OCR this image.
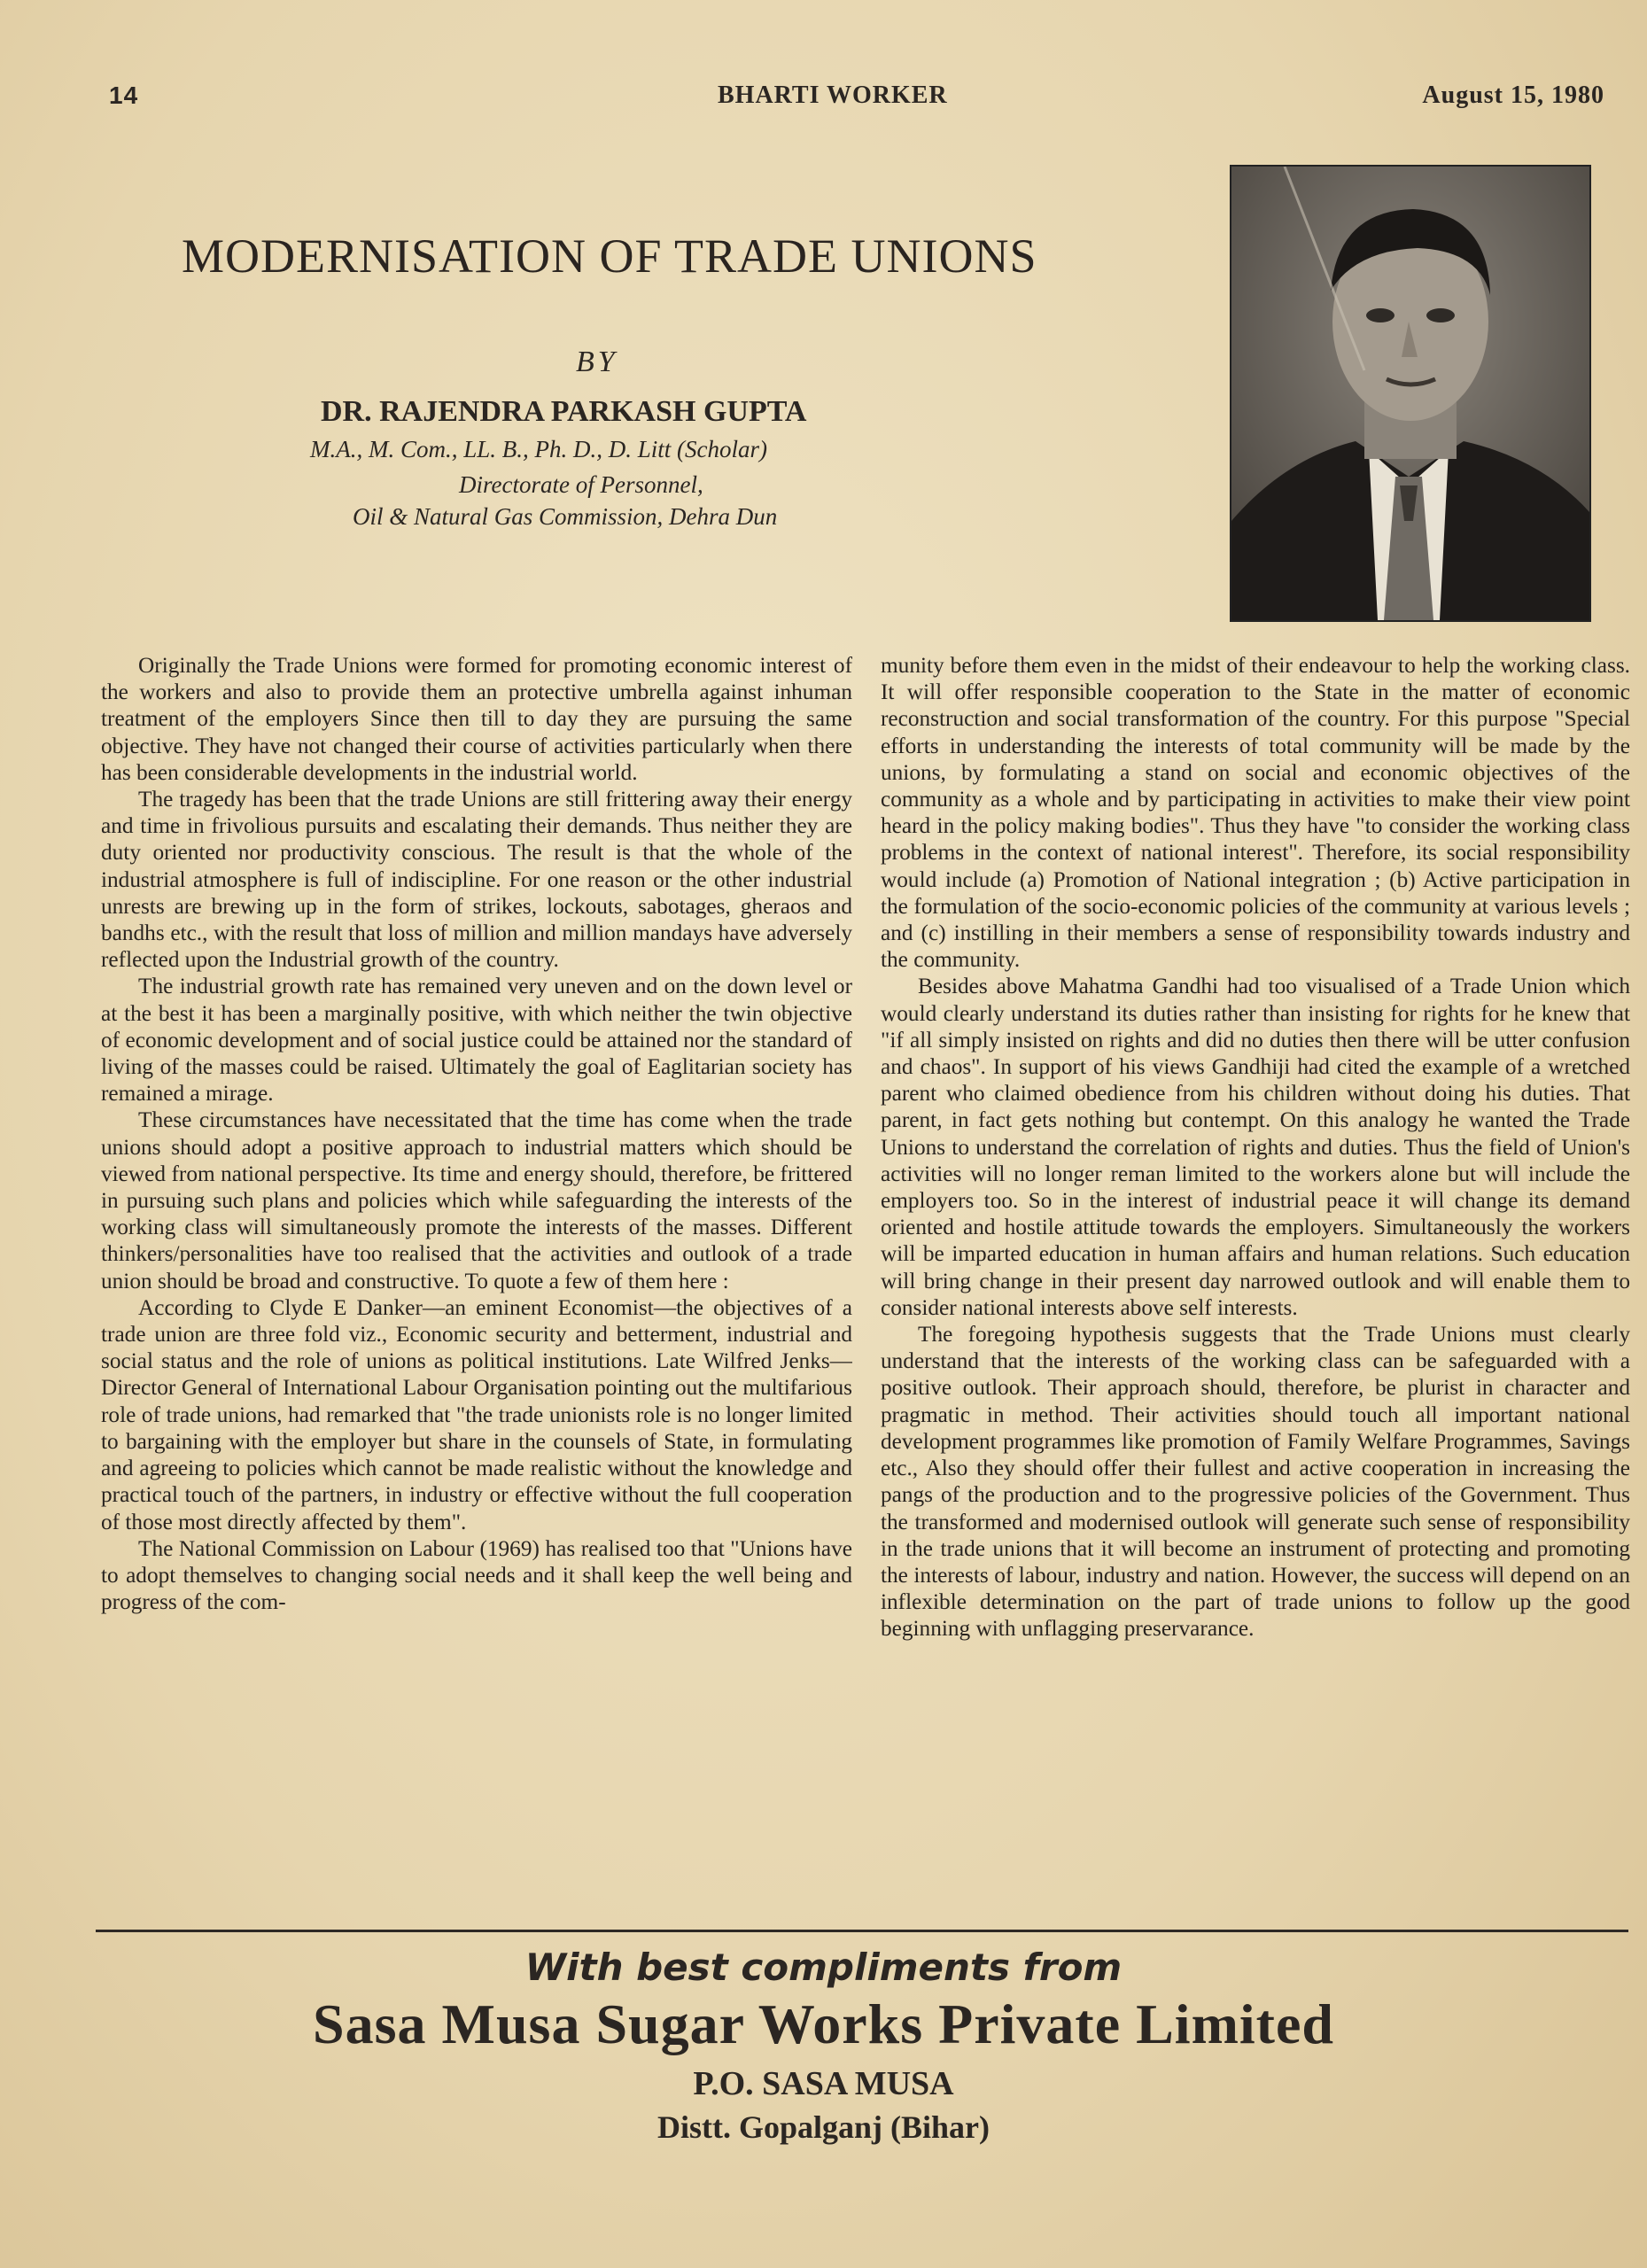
14	BHARTI WORKER	August 15, 1980
MODERNISATION OF TRADE UNIONS
BY
DR. RAJENDRA PARKASH GUPTA
M.A., M. Com., LL. B., Ph. D., D. Litt (Scholar)
Directorate of Personnel,
Oil & Natural Gas Commission, Dehra Dun

Originally the Trade Unions were formed for promoting economic interest of the workers and also to provide them an protective umbrella against inhuman treatment of the employers Since then till to day they are pursuing the same objective. They have not changed their course of activities particularly when there has been considerable developments in the industrial world.

The tragedy has been that the trade Unions are still frittering away their energy and time in frivolious pursuits and escalating their demands. Thus neither they are duty oriented nor productivity conscious. The result is that the whole of the industrial atmosphere is full of indiscipline. For one reason or the other industrial unrests are brewing up in the form of strikes, lockouts, sabotages, gheraos and bandhs etc., with the result that loss of million and million mandays have adversely reflected upon the Industrial growth of the country.

The industrial growth rate has remained very uneven and on the down level or at the best it has been a marginally positive, with which neither the twin objective of economic development and of social justice could be attained nor the standard of living of the masses could be raised. Ultimately the goal of Eaglitarian society has remained a mirage.

These circumstances have necessitated that the time has come when the trade unions should adopt a positive approach to industrial matters which should be viewed from national perspective. Its time and energy should, therefore, be frittered in pursuing such plans and policies which while safeguarding the interests of the working class will simultaneously promote the interests of the masses. Different thinkers/personalities have too realised that the activities and outlook of a trade union should be broad and constructive. To quote a few of them here :

According to Clyde E Danker—an eminent Economist—the objectives of a trade union are three fold viz., Economic security and betterment, industrial and social status and the role of unions as political institutions. Late Wilfred Jenks—Director General of International Labour Organisation pointing out the multifarious role of trade unions, had remarked that "the trade unionists role is no longer limited to bargaining with the employer but share in the counsels of State, in formulating and agreeing to policies which cannot be made realistic without the knowledge and practical touch of the partners, in industry or effective without the full cooperation of those most directly affected by them".

The National Commission on Labour (1969) has realised too that "Unions have to adopt themselves to changing social needs and it shall keep the well being and progress of the com-

munity before them even in the midst of their endeavour to help the working class. It will offer responsible cooperation to the State in the matter of economic reconstruction and social transformation of the country. For this purpose "Special efforts in understanding the interests of total community will be made by the unions, by formulating a stand on social and economic objectives of the community as a whole and by participating in activities to make their view point heard in the policy making bodies". Thus they have "to consider the working class problems in the context of national interest". Therefore, its social responsibility would include (a) Promotion of National integration ; (b) Active participation in the formulation of the socio-economic policies of the community at various levels ; and (c) instilling in their members a sense of responsibility towards industry and the community.

Besides above Mahatma Gandhi had too visualised of a Trade Union which would clearly understand its duties rather than insisting for rights for he knew that "if all simply insisted on rights and did no duties then there will be utter confusion and chaos". In support of his views Gandhiji had cited the example of a wretched parent who claimed obedience from his children without doing his duties. That parent, in fact gets nothing but contempt. On this analogy he wanted the Trade Unions to understand the correlation of rights and duties. Thus the field of Union's activities will no longer reman limited to the workers alone but will include the employers too. So in the interest of industrial peace it will change its demand oriented and hostile attitude towards the employers. Simultaneously the workers will be imparted education in human affairs and human relations. Such education will bring change in their present day narrowed outlook and will enable them to consider national interests above self interests.

The foregoing hypothesis suggests that the Trade Unions must clearly understand that the interests of the working class can be safeguarded with a positive outlook. Their approach should, therefore, be plurist in character and pragmatic in method. Their activities should touch all important national development programmes like promotion of Family Welfare Programmes, Savings etc., Also they should offer their fullest and active cooperation in increasing the pangs of the production and to the progressive policies of the Government. Thus the transformed and modernised outlook will generate such sense of responsibility in the trade unions that it will become an instrument of protecting and promoting the interests of labour, industry and nation. However, the success will depend on an inflexible determination on the part of trade unions to follow up the good beginning with unflagging preservarance.

With best compliments from
Sasa Musa Sugar Works Private Limited
P.O. SASA MUSA
Distt. Gopalganj (Bihar)
